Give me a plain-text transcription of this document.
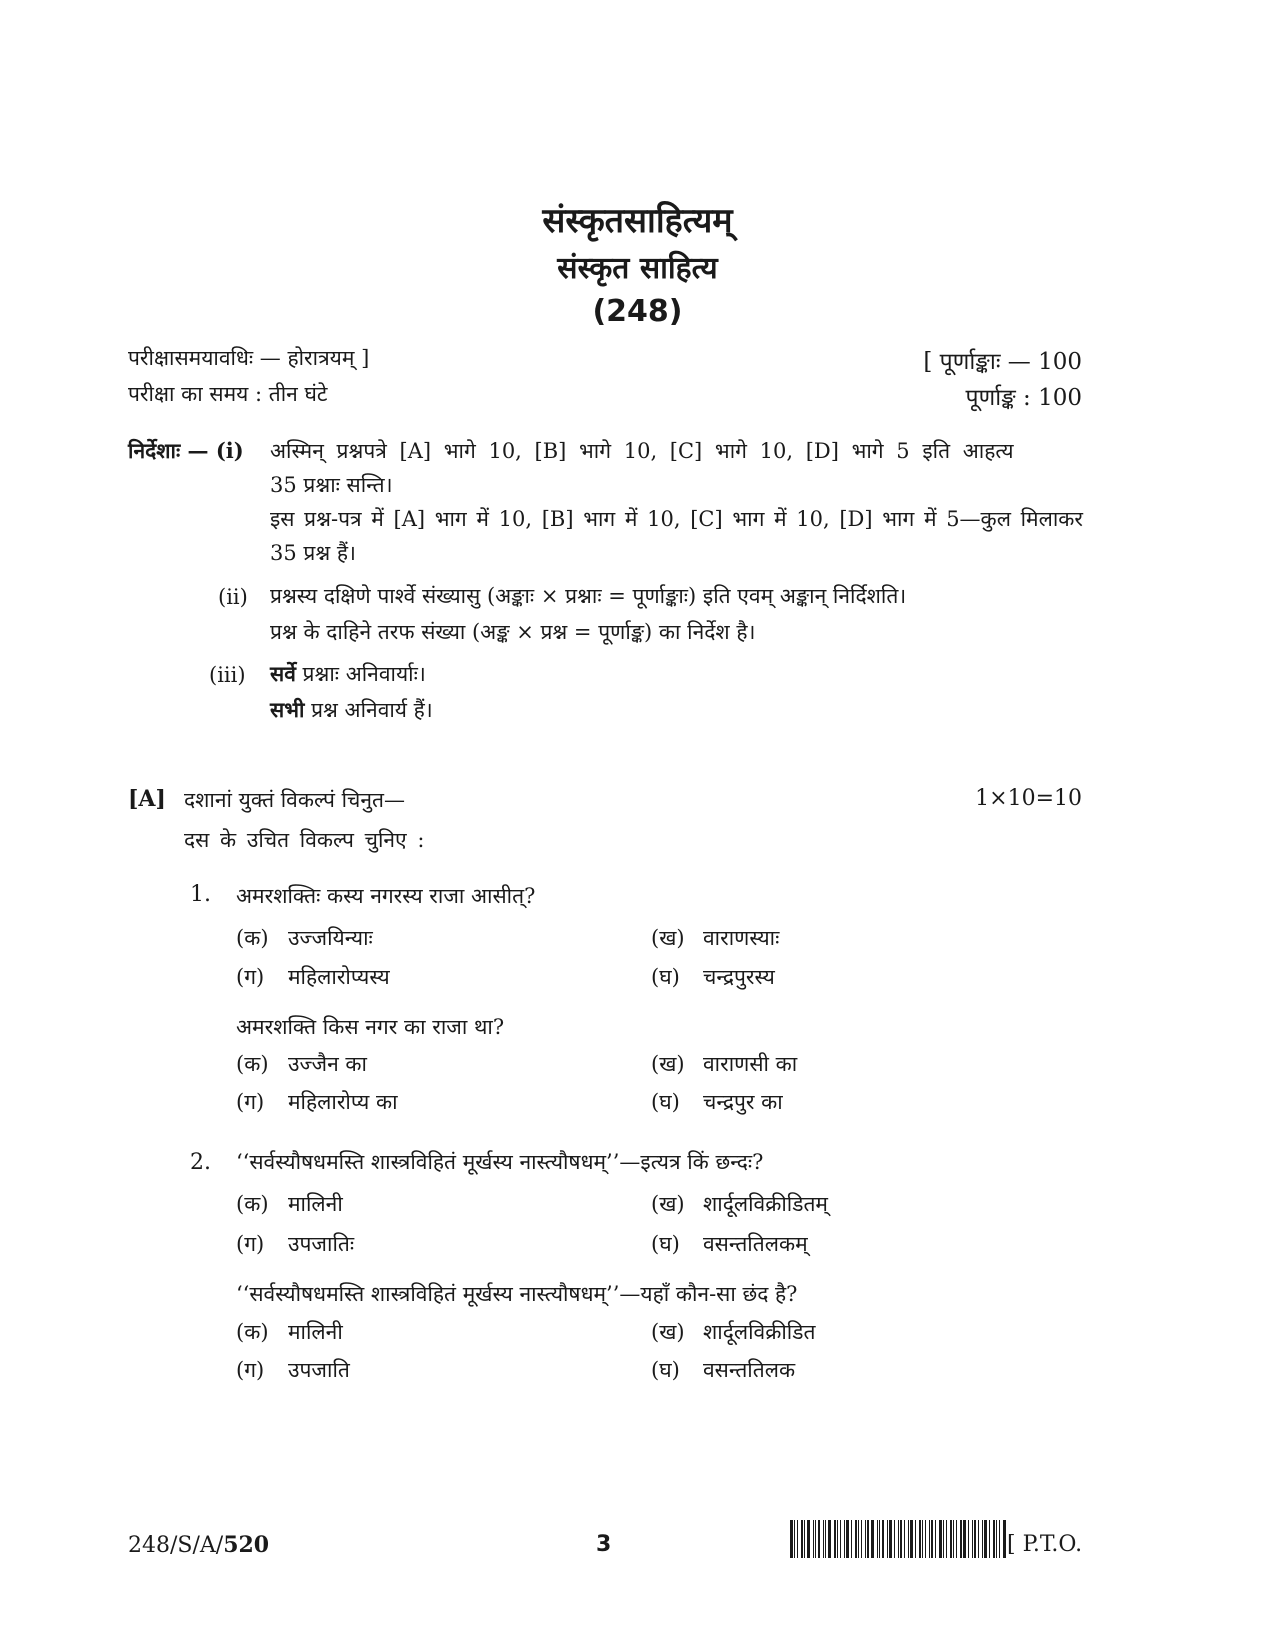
संस्कृतसाहित्यम्
संस्कृत साहित्य
(248)
परीक्षासमयावधिः — होरात्रयम् ]	[ पूर्णाङ्काः — 100
परीक्षा का समय : तीन घंटे	पूर्णाङ्क : 100
निर्देशाः — (i) अस्मिन् प्रश्नपत्रे [A] भागे 10, [B] भागे 10, [C] भागे 10, [D] भागे 5 इति आहत्य
35 प्रश्नाः सन्ति।
इस प्रश्न-पत्र में [A] भाग में 10, [B] भाग में 10, [C] भाग में 10, [D] भाग में 5—कुल मिलाकर
35 प्रश्न हैं।
(ii) प्रश्नस्य दक्षिणे पार्श्वे संख्यासु (अङ्काः × प्रश्नाः = पूर्णाङ्काः) इति एवम् अङ्कान् निर्दिशति।
प्रश्न के दाहिने तरफ संख्या (अङ्क × प्रश्न = पूर्णाङ्क) का निर्देश है।
(iii) सर्वे प्रश्नाः अनिवार्याः।
सभी प्रश्न अनिवार्य हैं।
[A] दशानां युक्तं विकल्पं चिनुत—	1×10=10
दस के उचित विकल्प चुनिए :
1. अमरशक्तिः कस्य नगरस्य राजा आसीत्?
(क) उज्जयिन्याः	(ख) वाराणस्याः
(ग) महिलारोप्यस्य	(घ) चन्द्रपुरस्य
अमरशक्ति किस नगर का राजा था?
(क) उज्जैन का	(ख) वाराणसी का
(ग) महिलारोप्य का	(घ) चन्द्रपुर का
2. ‘‘सर्वस्यौषधमस्ति शास्त्रविहितं मूर्खस्य नास्त्यौषधम्’’—इत्यत्र किं छन्दः?
(क) मालिनी	(ख) शार्दूलविक्रीडितम्
(ग) उपजातिः	(घ) वसन्ततिलकम्
‘‘सर्वस्यौषधमस्ति शास्त्रविहितं मूर्खस्य नास्त्यौषधम्’’—यहाँ कौन-सा छंद है?
(क) मालिनी	(ख) शार्दूलविक्रीडित
(ग) उपजाति	(घ) वसन्ततिलक
248/S/A/520	3	[ P.T.O.
